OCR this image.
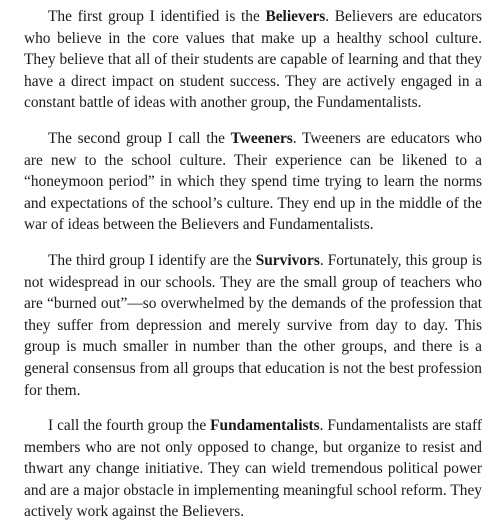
The first group I identified is the Believers. Believers are educators who believe in the core values that make up a healthy school culture. They believe that all of their students are capable of learning and that they have a direct impact on student success. They are actively engaged in a constant battle of ideas with another group, the Fundamentalists.

The second group I call the Tweeners. Tweeners are educators who are new to the school culture. Their experience can be likened to a “honeymoon period” in which they spend time trying to learn the norms and expectations of the school’s culture. They end up in the middle of the war of ideas between the Believers and Fundamentalists.

The third group I identify are the Survivors. Fortunately, this group is not widespread in our schools. They are the small group of teachers who are “burned out”—so overwhelmed by the demands of the profession that they suffer from depression and merely survive from day to day. This group is much smaller in number than the other groups, and there is a general consensus from all groups that education is not the best profession for them.

I call the fourth group the Fundamentalists. Fundamentalists are staff members who are not only opposed to change, but organize to resist and thwart any change initiative. They can wield tremendous political power and are a major obstacle in implementing meaningful school reform. They actively work against the Believers.
